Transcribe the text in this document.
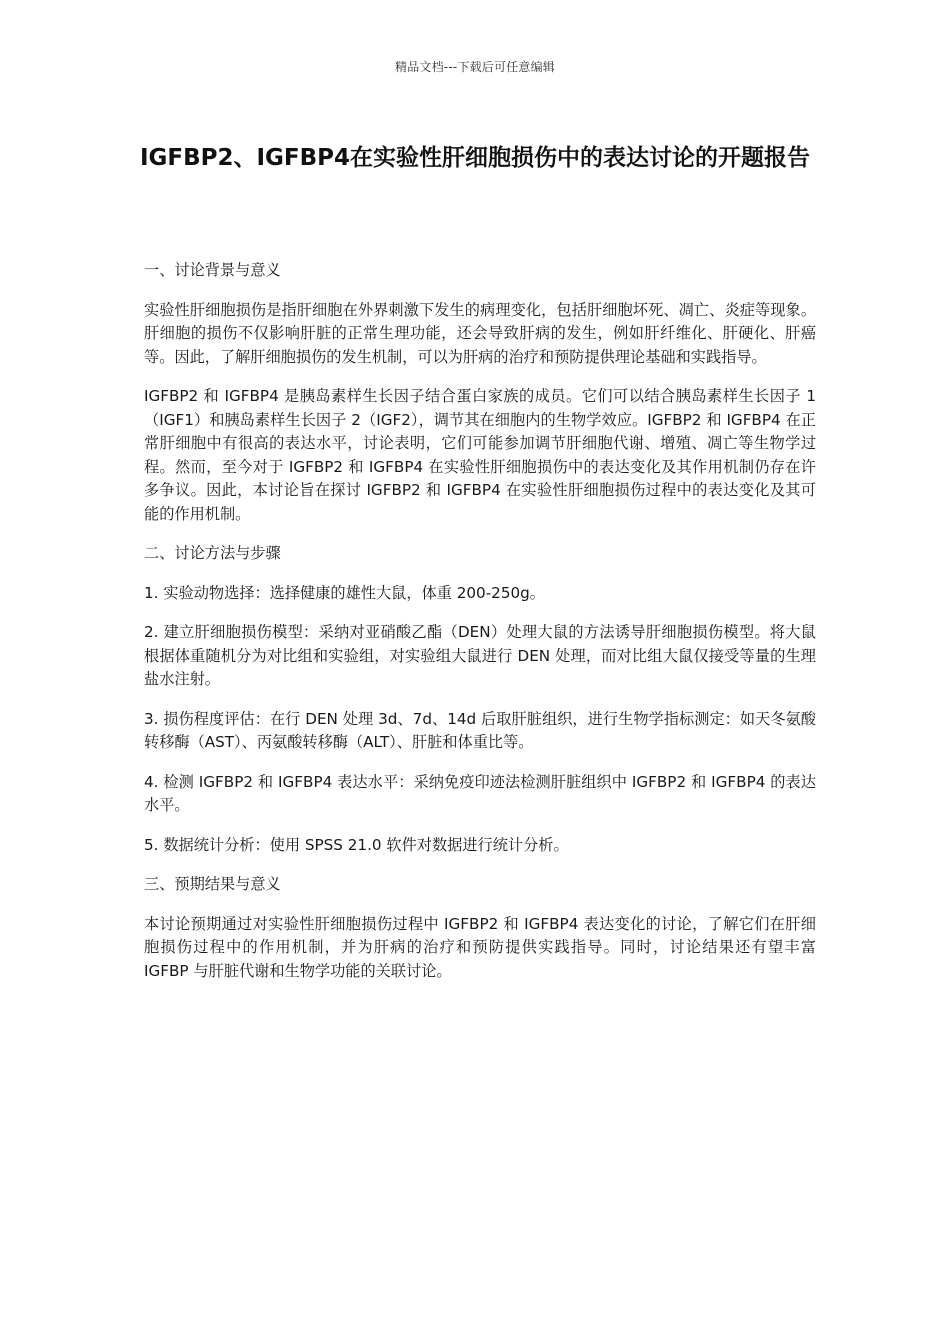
精品文档---下载后可任意编辑
IGFBP2、IGFBP4在实验性肝细胞损伤中的表达讨论的开题报告

一、讨论背景与意义

实验性肝细胞损伤是指肝细胞在外界刺激下发生的病理变化，包括肝细胞坏死、凋亡、炎症等现象。肝细胞的损伤不仅影响肝脏的正常生理功能，还会导致肝病的发生，例如肝纤维化、肝硬化、肝癌等。因此，了解肝细胞损伤的发生机制，可以为肝病的治疗和预防提供理论基础和实践指导。

IGFBP2 和 IGFBP4 是胰岛素样生长因子结合蛋白家族的成员。它们可以结合胰岛素样生长因子 1（IGF1）和胰岛素样生长因子 2（IGF2），调节其在细胞内的生物学效应。IGFBP2 和 IGFBP4 在正常肝细胞中有很高的表达水平，讨论表明，它们可能参加调节肝细胞代谢、增殖、凋亡等生物学过程。然而，至今对于 IGFBP2 和 IGFBP4 在实验性肝细胞损伤中的表达变化及其作用机制仍存在许多争议。因此，本讨论旨在探讨 IGFBP2 和 IGFBP4 在实验性肝细胞损伤过程中的表达变化及其可能的作用机制。

二、讨论方法与步骤

1. 实验动物选择：选择健康的雄性大鼠，体重 200-250g。

2. 建立肝细胞损伤模型：采纳对亚硝酸乙酯（DEN）处理大鼠的方法诱导肝细胞损伤模型。将大鼠根据体重随机分为对比组和实验组，对实验组大鼠进行 DEN 处理，而对比组大鼠仅接受等量的生理盐水注射。

3. 损伤程度评估：在行 DEN 处理 3d、7d、14d 后取肝脏组织，进行生物学指标测定：如天冬氨酸转移酶（AST）、丙氨酸转移酶（ALT）、肝脏和体重比等。

4. 检测 IGFBP2 和 IGFBP4 表达水平：采纳免疫印迹法检测肝脏组织中 IGFBP2 和 IGFBP4 的表达水平。

5. 数据统计分析：使用 SPSS 21.0 软件对数据进行统计分析。

三、预期结果与意义

本讨论预期通过对实验性肝细胞损伤过程中 IGFBP2 和 IGFBP4 表达变化的讨论，了解它们在肝细胞损伤过程中的作用机制，并为肝病的治疗和预防提供实践指导。同时，讨论结果还有望丰富 IGFBP 与肝脏代谢和生物学功能的关联讨论。
